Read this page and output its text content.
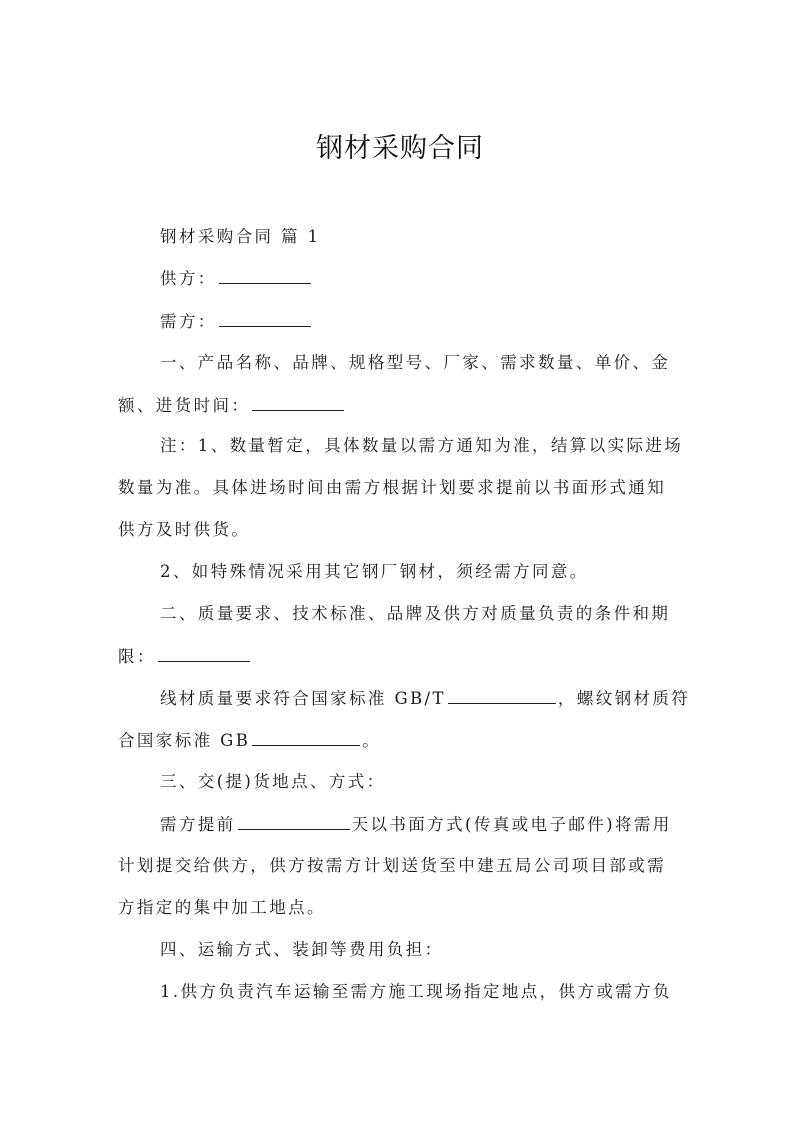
钢材采购合同
钢材采购合同 篇 1
供方：
需方：
一、产品名称、品牌、规格型号、厂家、需求数量、单价、金
额、进货时间：
注：1、数量暂定，具体数量以需方通知为准，结算以实际进场
数量为准。具体进场时间由需方根据计划要求提前以书面形式通知
供方及时供货。
2、如特殊情况采用其它钢厂钢材，须经需方同意。
二、质量要求、技术标准、品牌及供方对质量负责的条件和期
限：
线材质量要求符合国家标准 GB/T	，螺纹钢材质符
合国家标准 GB	。
三、交(提)货地点、方式：
需方提前	天以书面方式(传真或电子邮件)将需用
计划提交给供方，供方按需方计划送货至中建五局公司项目部或需
方指定的集中加工地点。
四、运输方式、装卸等费用负担：
1.供方负责汽车运输至需方施工现场指定地点，供方或需方负
